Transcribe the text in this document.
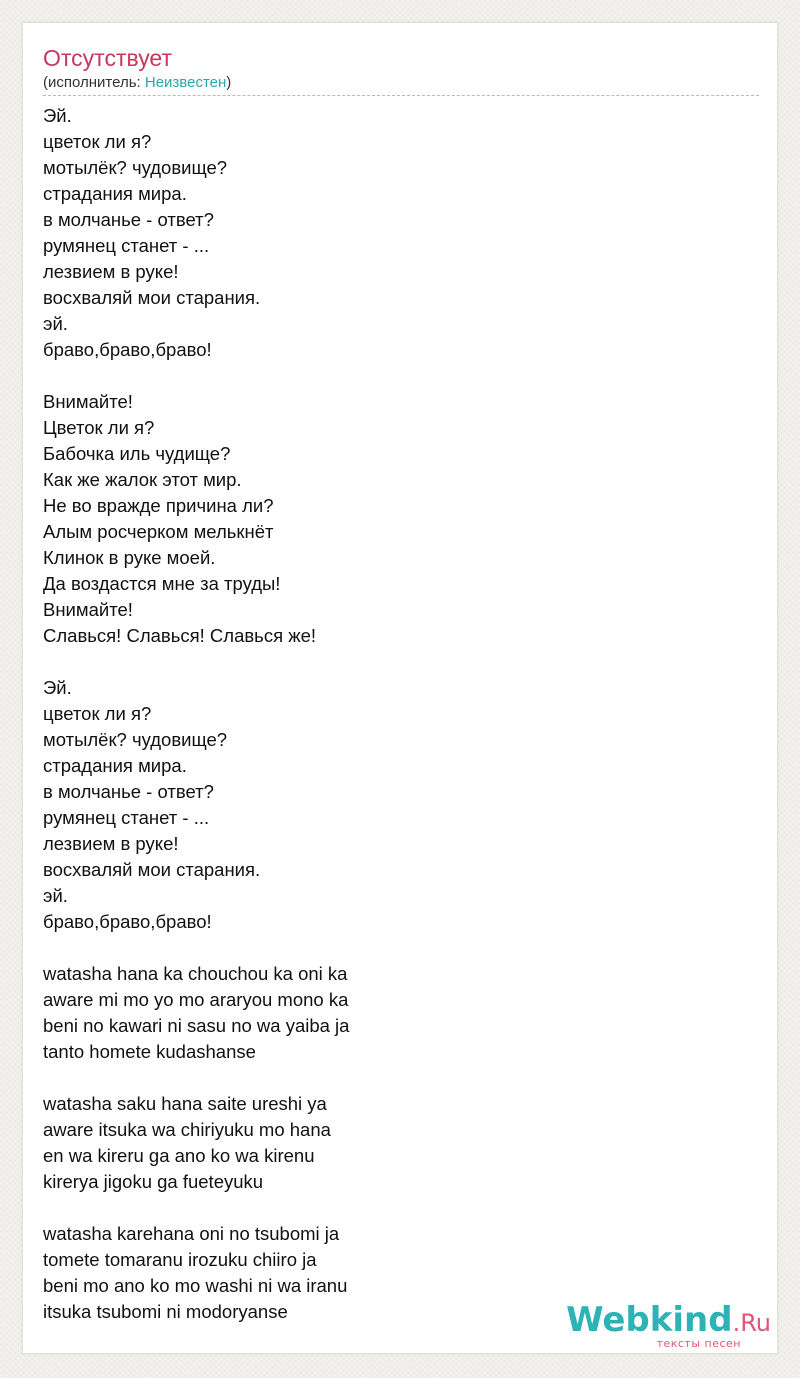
Отсутствует
(исполнитель: Неизвестен)
Эй.
цветок ли я?
мотылёк? чудовище?
страдания мира.
в молчанье - ответ?
румянец станет - ...
лезвием в руке!
восхваляй мои старания.
эй.
браво,браво,браво!

Внимайте!
Цветок ли я?
Бабочка иль чудище?
Как же жалок этот мир.
Не во вражде причина ли?
Алым росчерком мелькнёт
Клинок в руке моей.
Да воздастся мне за труды!
Внимайте!
Славься! Славься! Славься же!

Эй.
цветок ли я?
мотылёк? чудовище?
страдания мира.
в молчанье - ответ?
румянец станет - ...
лезвием в руке!
восхваляй мои старания.
эй.
браво,браво,браво!

watasha hana ka chouchou ka oni ka
aware mi mo yo mo araryou mono ka
beni no kawari ni sasu no wa yaiba ja
tanto homete kudashanse

watasha saku hana saite ureshi ya
aware itsuka wa chiriyuku mo hana
en wa kireru ga ano ko wa kirenu
kirerya jigoku ga fueteyuku

watasha karehana oni no tsubomi ja
tomete tomaranu irozuku chiiro ja
beni mo ano ko mo washi ni wa iranu
itsuka tsubomi ni modoryanse	Webkind.Ru
тексты песен
